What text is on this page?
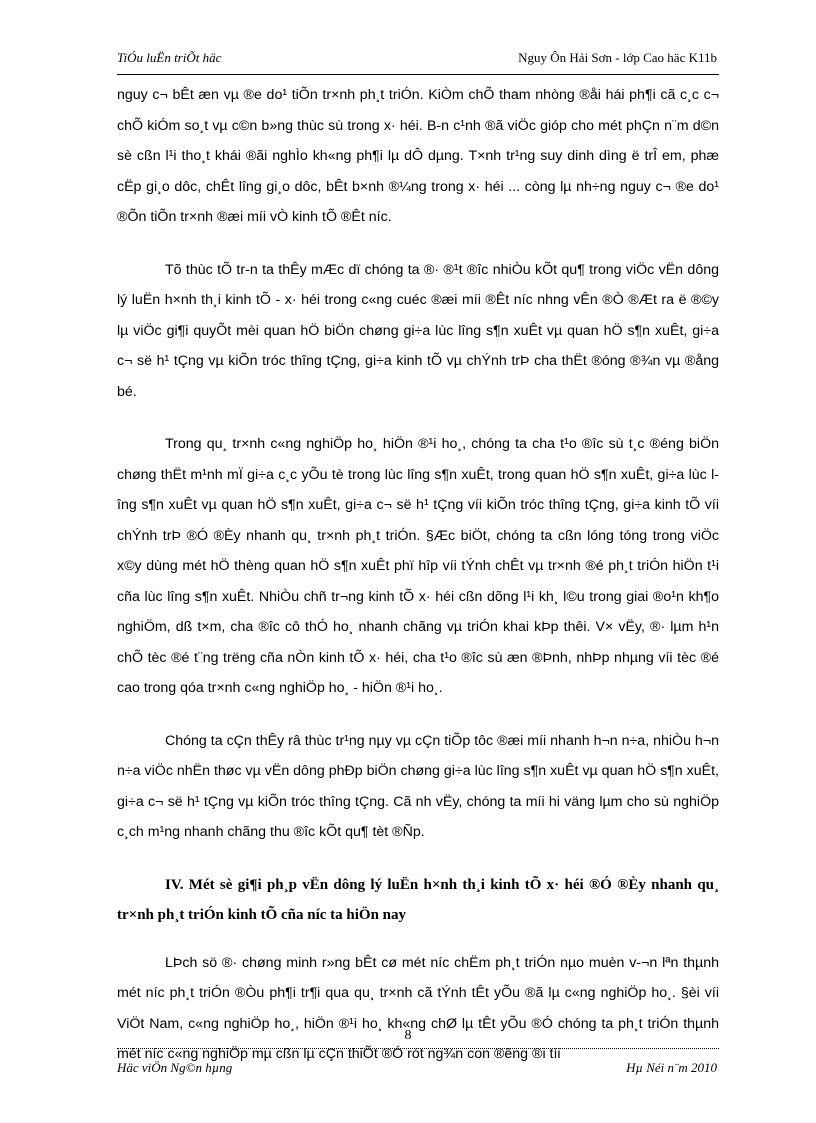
TiÓu luËn triÕt häc	Nguy Ôn Hải Sơn - lớp Cao häc K11b

nguy c¬ bÊt æn vµ ®e do¹ tiÕn tr×nh ph¸t triÓn. KiÒm chÕ tham nhòng ®åi hái ph¶i cã c¸c c¬ chÕ kiÓm so¸t vµ c©n b»ng thùc sù trong x· héi. B-n c¹nh ®ã viÖc gióp cho mét phÇn n¨m d©n sè cßn l¹i tho¸t khái ®ãi nghÌo kh«ng ph¶i lµ dÔ dµng. T×nh tr¹ng suy dinh dìng ë trÎ em, phæ cËp gi¸o dôc, chÊt lîng gi¸o dôc, bÊt b×nh ®¼ng trong x· héi ... còng lµ nh÷ng nguy c¬ ®e do¹ ®Õn tiÕn tr×nh ®æi míi vÒ kinh tÕ ®Êt níc.

Tõ thùc tÕ tr-n ta thÊy mÆc dï chóng ta ®· ®¹t ®îc nhiÒu kÕt qu¶ trong viÖc vËn dông lý luËn h×nh th¸i kinh tÕ - x· héi trong c«ng cuéc ®æi míi ®Êt níc nhng vÊn ®Ò ®Æt ra ë ®©y lµ viÖc gi¶i quyÕt mèi quan hÖ biÖn chøng gi÷a lùc lîng s¶n xuÊt vµ quan hÖ s¶n xuÊt, gi÷a c¬ së h¹ tÇng vµ kiÕn tróc thîng tÇng, gi÷a kinh tÕ vµ chÝnh trÞ cha thËt ®óng ®¾n vµ ®ång bé.

Trong qu¸ tr×nh c«ng nghiÖp ho¸ hiÖn ®¹i ho¸, chóng ta cha t¹o ®îc sù t¸c ®éng biÖn chøng thËt m¹nh mÏ gi÷a c¸c yÕu tè trong lùc lîng s¶n xuÊt, trong quan hÖ s¶n xuÊt, gi÷a lùc lîng s¶n xuÊt vµ quan hÖ s¶n xuÊt, gi÷a c¬ së h¹ tÇng víi kiÕn tróc thîng tÇng, gi÷a kinh tÕ víi chÝnh trÞ ®Ó ®Èy nhanh qu¸ tr×nh ph¸t triÓn. §Æc biÖt, chóng ta cßn lóng tóng trong viÖc x©y dùng mét hÖ thèng quan hÖ s¶n xuÊt phï hîp víi tÝnh chÊt vµ tr×nh ®é ph¸t triÓn hiÖn t¹i cña lùc lîng s¶n xuÊt. NhiÒu chñ tr¬ng kinh tÕ x· héi cßn dõng l¹i kh¸ l©u trong giai ®o¹n kh¶o nghiÖm, dß t×m, cha ®îc cô thÓ ho¸ nhanh chãng vµ triÓn khai kÞp thêi. V× vËy, ®· lµm h¹n chÕ tèc ®é t¨ng trëng cña nÒn kinh tÕ x· héi, cha t¹o ®îc sù æn ®Þnh, nhÞp nhµng víi tèc ®é cao trong qóa tr×nh c«ng nghiÖp ho¸ - hiÖn ®¹i ho¸.

Chóng ta cÇn thÊy râ thùc tr¹ng nµy vµ cÇn tiÕp tôc ®æi míi nhanh h¬n n÷a, nhiÒu h¬n n÷a viÖc nhËn thøc vµ vËn dông phÐp biÖn chøng gi÷a lùc lîng s¶n xuÊt vµ quan hÖ s¶n xuÊt, gi÷a c¬ së h¹ tÇng vµ kiÕn tróc thîng tÇng. Cã nh vËy, chóng ta míi hi väng lµm cho sù nghiÖp c¸ch m¹ng nhanh chãng thu ®îc kÕt qu¶ tèt ®Ñp.

IV. Mét sè gi¶i ph¸p vËn dông lý luËn h×nh th¸i kinh tÕ x· héi ®Ó ®Èy nhanh qu¸ tr×nh ph¸t triÓn kinh tÕ cña níc ta hiÖn nay

LÞch sö ®· chøng minh r»ng bÊt cø mét níc chËm ph¸t triÓn nµo muèn v-¬n lªn thµnh mét níc ph¸t triÓn ®Òu ph¶i tr¶i qua qu¸ tr×nh cã tÝnh tÊt yÕu ®ã lµ c«ng nghiÖp ho¸. §èi víi ViÖt Nam, c«ng nghiÖp ho¸, hiÖn ®¹i ho¸ kh«ng chØ lµ tÊt yÕu ®Ó chóng ta ph¸t triÓn thµnh mét níc c«ng nghiÖp mµ cßn lµ cÇn thiÕt ®Ó rót ng¾n con ®êng ®i tíi

8
Häc viÖn Ng©n hµng	Hµ Néi n¨m 2010
